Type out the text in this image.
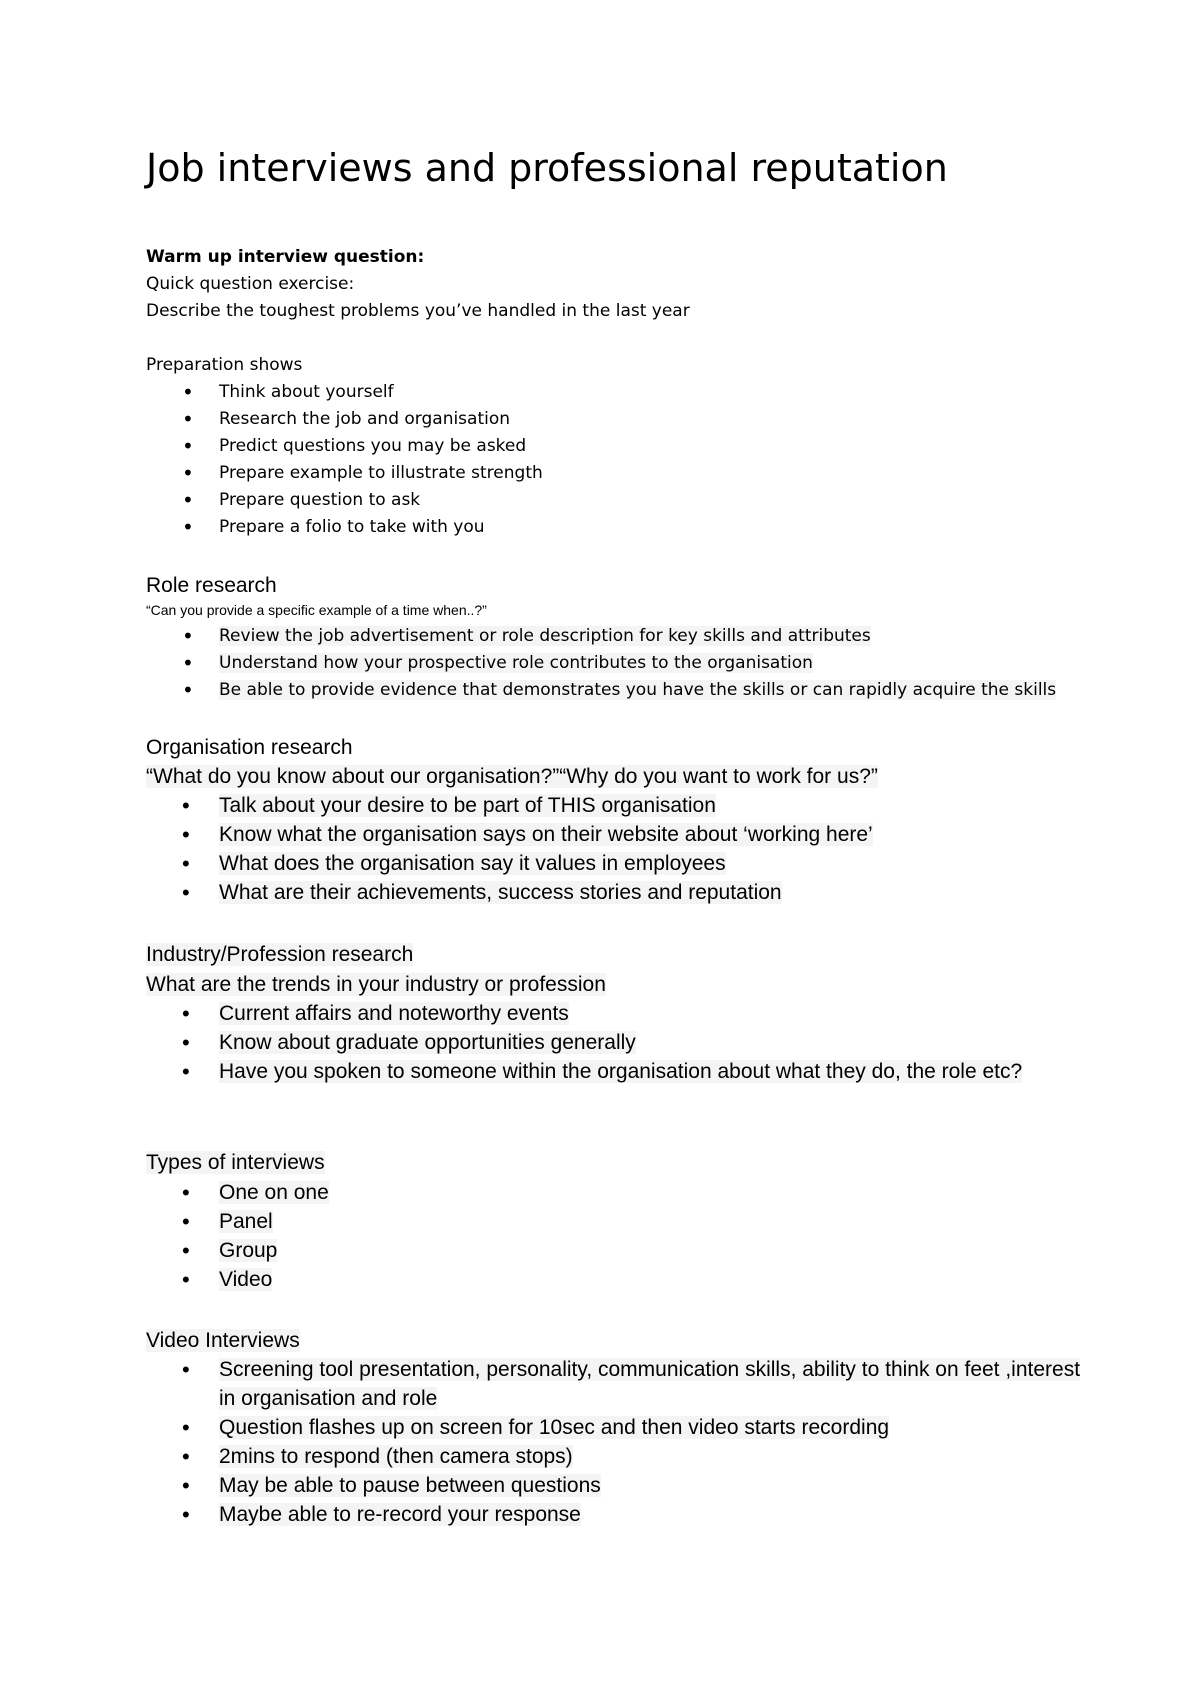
Job interviews and professional reputation
Warm up interview question:
Quick question exercise:
Describe the toughest problems you’ve handled in the last year
Preparation shows
• Think about yourself
• Research the job and organisation
• Predict questions you may be asked
• Prepare example to illustrate strength
• Prepare question to ask
• Prepare a folio to take with you
Role research
“Can you provide a specific example of a time when..?”
• Review the job advertisement or role description for key skills and attributes
• Understand how your prospective role contributes to the organisation
• Be able to provide evidence that demonstrates you have the skills or can rapidly acquire the skills
Organisation research
“What do you know about our organisation?”“Why do you want to work for us?”
• Talk about your desire to be part of THIS organisation
• Know what the organisation says on their website about ‘working here’
• What does the organisation say it values in employees
• What are their achievements, success stories and reputation
Industry/Profession research
What are the trends in your industry or profession
• Current affairs and noteworthy events
• Know about graduate opportunities generally
• Have you spoken to someone within the organisation about what they do, the role etc?
Types of interviews
• One on one
• Panel
• Group
• Video
Video Interviews
• Screening tool presentation, personality, communication skills, ability to think on feet ,interest in organisation and role
• Question flashes up on screen for 10sec and then video starts recording
• 2mins to respond (then camera stops)
• May be able to pause between questions
• Maybe able to re-record your response
